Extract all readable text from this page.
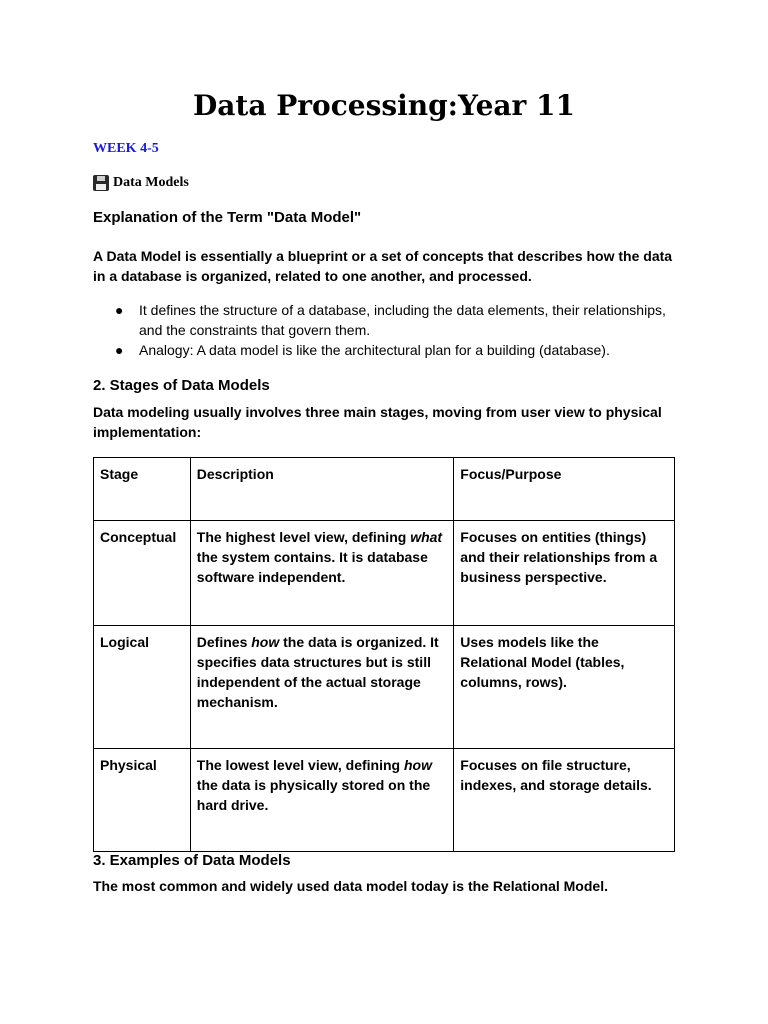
Data Processing:Year 11
WEEK 4-5
Data Models
Explanation of the Term "Data Model"
A Data Model is essentially a blueprint or a set of concepts that describes how the data in a database is organized, related to one another, and processed.
● It defines the structure of a database, including the data elements, their relationships, and the constraints that govern them.
● Analogy: A data model is like the architectural plan for a building (database).
2. Stages of Data Models
Data modeling usually involves three main stages, moving from user view to physical implementation:
Stage	Description	Focus/Purpose
Conceptual	The highest level view, defining what the system contains. It is database software independent.	Focuses on entities (things) and their relationships from a business perspective.
Logical	Defines how the data is organized. It specifies data structures but is still independent of the actual storage mechanism.	Uses models like the Relational Model (tables, columns, rows).
Physical	The lowest level view, defining how the data is physically stored on the hard drive.	Focuses on file structure, indexes, and storage details.
3. Examples of Data Models
The most common and widely used data model today is the Relational Model.
